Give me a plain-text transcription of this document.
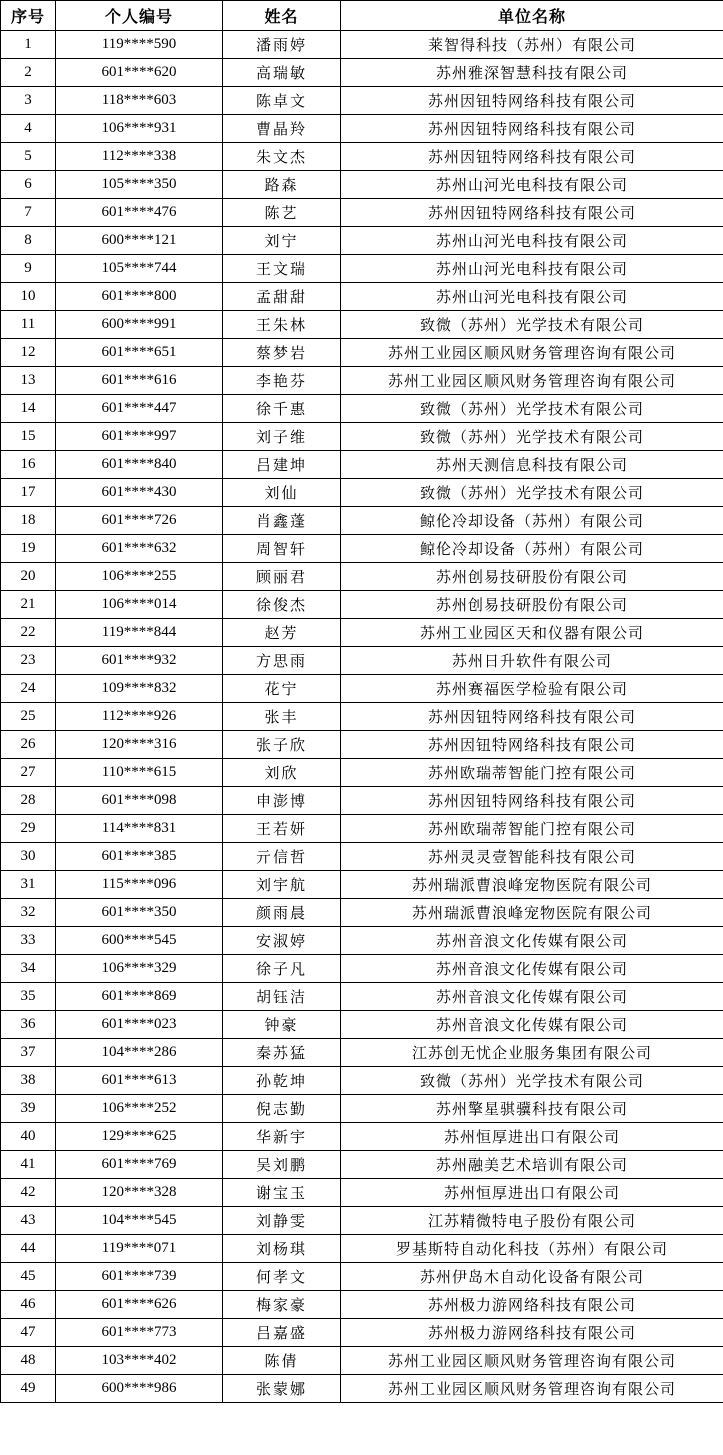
序号	个人编号	姓名	单位名称
1	119****590	潘雨婷	莱智得科技（苏州）有限公司
2	601****620	高瑞敏	苏州雅深智慧科技有限公司
3	118****603	陈卓文	苏州因钮特网络科技有限公司
4	106****931	曹晶羚	苏州因钮特网络科技有限公司
5	112****338	朱文杰	苏州因钮特网络科技有限公司
6	105****350	路森	苏州山河光电科技有限公司
7	601****476	陈艺	苏州因钮特网络科技有限公司
8	600****121	刘宁	苏州山河光电科技有限公司
9	105****744	王文瑞	苏州山河光电科技有限公司
10	601****800	孟甜甜	苏州山河光电科技有限公司
11	600****991	王朱林	致微（苏州）光学技术有限公司
12	601****651	蔡梦岩	苏州工业园区顺风财务管理咨询有限公司
13	601****616	李艳芬	苏州工业园区顺风财务管理咨询有限公司
14	601****447	徐千惠	致微（苏州）光学技术有限公司
15	601****997	刘子维	致微（苏州）光学技术有限公司
16	601****840	吕建坤	苏州天测信息科技有限公司
17	601****430	刘仙	致微（苏州）光学技术有限公司
18	601****726	肖鑫蓬	鲸伦冷却设备（苏州）有限公司
19	601****632	周智轩	鲸伦冷却设备（苏州）有限公司
20	106****255	顾丽君	苏州创易技研股份有限公司
21	106****014	徐俊杰	苏州创易技研股份有限公司
22	119****844	赵芳	苏州工业园区天和仪器有限公司
23	601****932	方思雨	苏州日升软件有限公司
24	109****832	花宁	苏州赛福医学检验有限公司
25	112****926	张丰	苏州因钮特网络科技有限公司
26	120****316	张子欣	苏州因钮特网络科技有限公司
27	110****615	刘欣	苏州欧瑞蒂智能门控有限公司
28	601****098	申澎博	苏州因钮特网络科技有限公司
29	114****831	王若妍	苏州欧瑞蒂智能门控有限公司
30	601****385	亓信哲	苏州灵灵壹智能科技有限公司
31	115****096	刘宇航	苏州瑞派曹浪峰宠物医院有限公司
32	601****350	颜雨晨	苏州瑞派曹浪峰宠物医院有限公司
33	600****545	安淑婷	苏州音浪文化传媒有限公司
34	106****329	徐子凡	苏州音浪文化传媒有限公司
35	601****869	胡钰洁	苏州音浪文化传媒有限公司
36	601****023	钟豪	苏州音浪文化传媒有限公司
37	104****286	秦苏猛	江苏创无忧企业服务集团有限公司
38	601****613	孙乾坤	致微（苏州）光学技术有限公司
39	106****252	倪志勤	苏州擎星骐骥科技有限公司
40	129****625	华新宇	苏州恒厚进出口有限公司
41	601****769	吴刘鹏	苏州融美艺术培训有限公司
42	120****328	谢宝玉	苏州恒厚进出口有限公司
43	104****545	刘静雯	江苏精微特电子股份有限公司
44	119****071	刘杨琪	罗基斯特自动化科技（苏州）有限公司
45	601****739	何孝文	苏州伊岛木自动化设备有限公司
46	601****626	梅家豪	苏州极力游网络科技有限公司
47	601****773	吕嘉盛	苏州极力游网络科技有限公司
48	103****402	陈倩	苏州工业园区顺风财务管理咨询有限公司
49	600****986	张蒙娜	苏州工业园区顺风财务管理咨询有限公司
